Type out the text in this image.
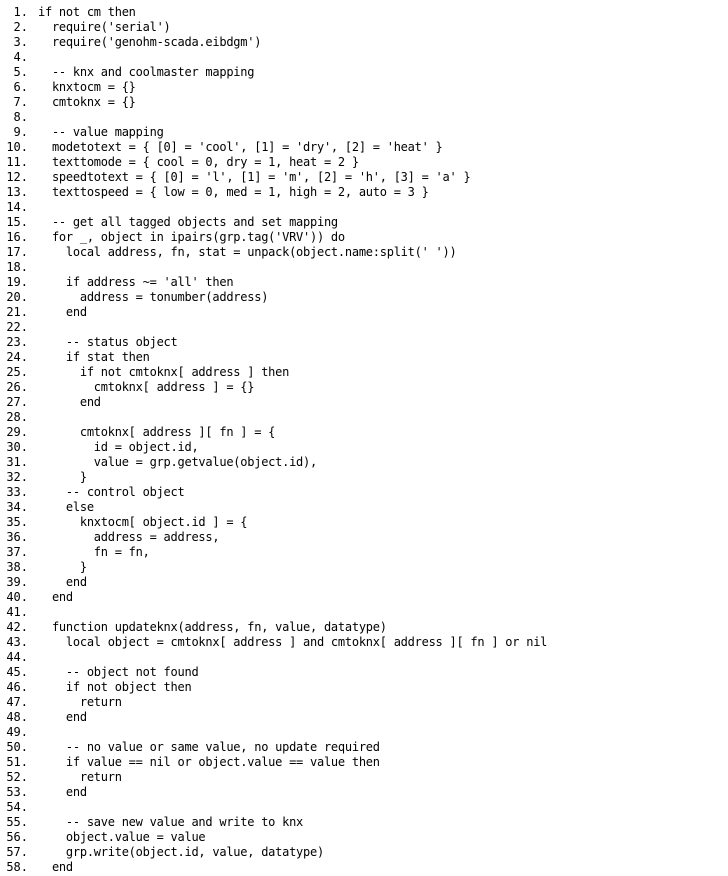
1. if not cm then
2. require('serial')
3. require('genohm-scada.eibdgm')
4.
5. -- knx and coolmaster mapping
6. knxtocm = {}
7. cmtoknx = {}
8.
9. -- value mapping
10. modetotext = { [0] = 'cool', [1] = 'dry', [2] = 'heat' }
11. texttomode = { cool = 0, dry = 1, heat = 2 }
12. speedtotext = { [0] = 'l', [1] = 'm', [2] = 'h', [3] = 'a' }
13. texttospeed = { low = 0, med = 1, high = 2, auto = 3 }
14.
15. -- get all tagged objects and set mapping
16. for _, object in ipairs(grp.tag('VRV')) do
17. local address, fn, stat = unpack(object.name:split(' '))
18.
19. if address ~= 'all' then
20. address = tonumber(address)
21. end
22.
23. -- status object
24. if stat then
25. if not cmtoknx[ address ] then
26. cmtoknx[ address ] = {}
27. end
28.
29. cmtoknx[ address ][ fn ] = {
30. id = object.id,
31. value = grp.getvalue(object.id),
32. }
33. -- control object
34. else
35. knxtocm[ object.id ] = {
36. address = address,
37. fn = fn,
38. }
39. end
40. end
41.
42. function updateknx(address, fn, value, datatype)
43. local object = cmtoknx[ address ] and cmtoknx[ address ][ fn ] or nil
44.
45. -- object not found
46. if not object then
47. return
48. end
49.
50. -- no value or same value, no update required
51. if value == nil or object.value == value then
52. return
53. end
54.
55. -- save new value and write to knx
56. object.value = value
57. grp.write(object.id, value, datatype)
58. end
